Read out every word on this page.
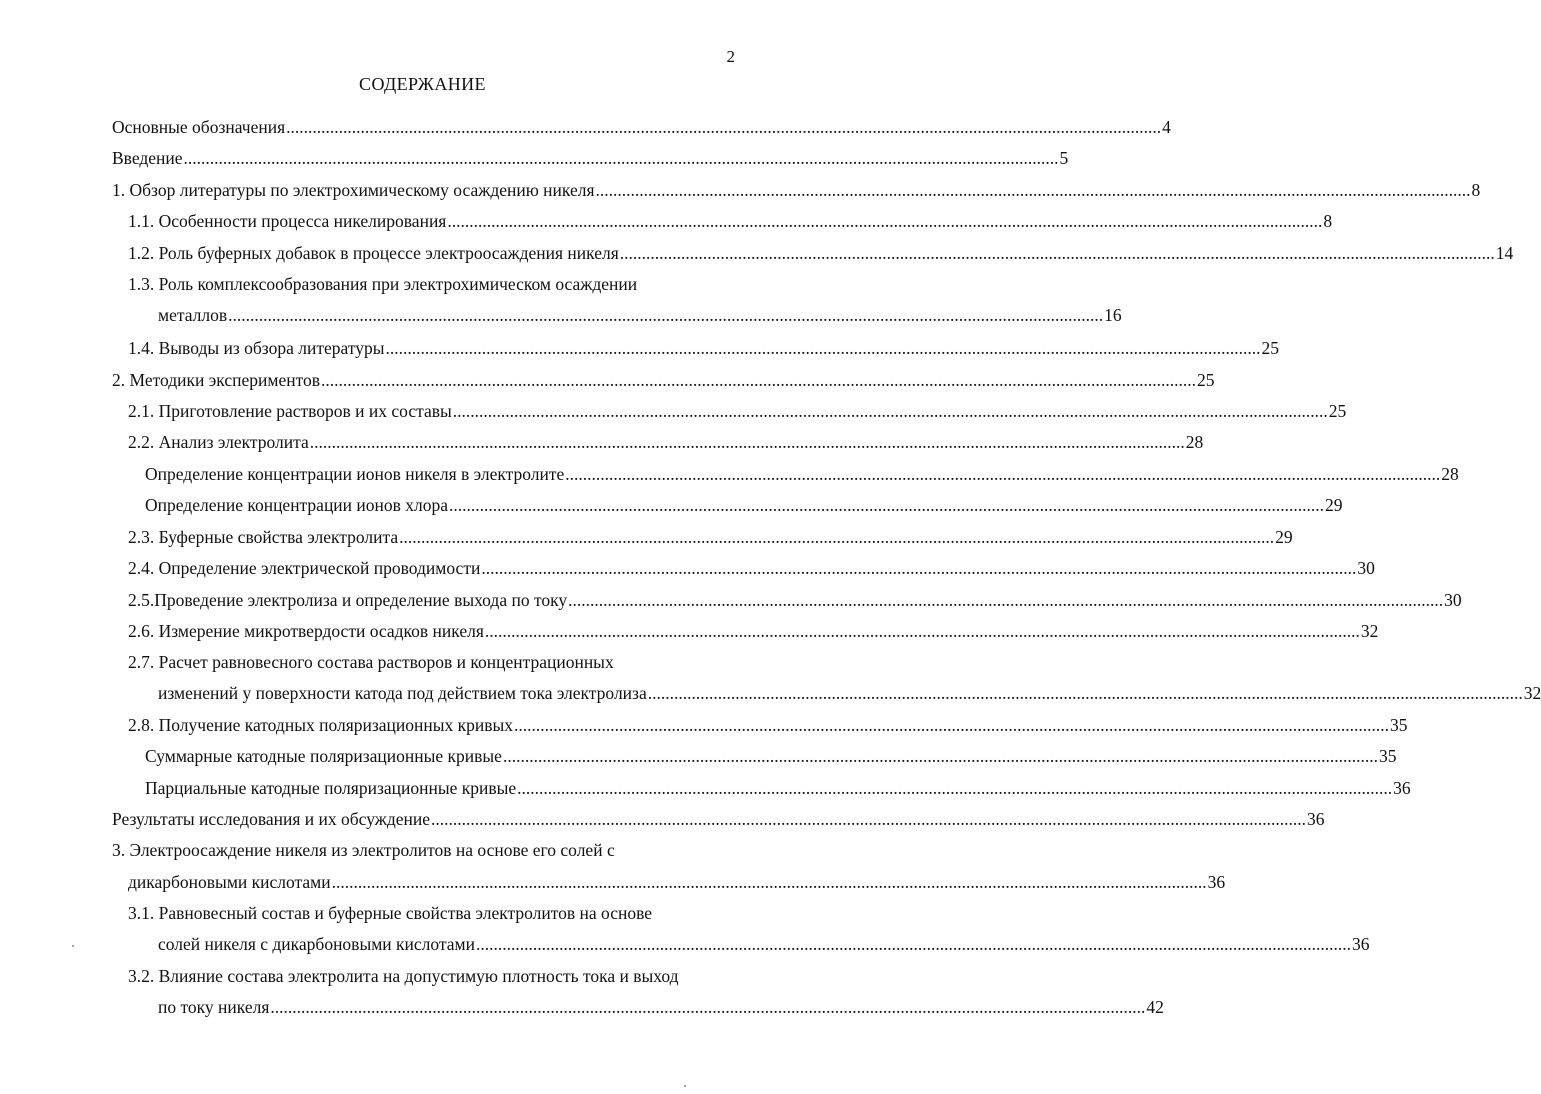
2
СОДЕРЖАНИЕ
Основные обозначения ........................................................................................................................................................................................................ 4
Введение ........................................................................................................................................................................................................ 5
1. Обзор литературы по электрохимическому осаждению никеля ........................................................................................................................................................................................................ 8
1.1. Особенности процесса никелирования ........................................................................................................................................................................................................ 8
1.2. Роль буферных добавок в процессе электроосаждения никеля ........................................................................................................................................................................................................ 14
1.3. Роль комплексообразования при электрохимическом осаждении
металлов ........................................................................................................................................................................................................ 16
1.4. Выводы из обзора литературы ........................................................................................................................................................................................................ 25
2. Методики экспериментов ........................................................................................................................................................................................................ 25
2.1. Приготовление растворов и их составы ........................................................................................................................................................................................................ 25
2.2. Анализ электролита ........................................................................................................................................................................................................ 28
Определение концентрации ионов никеля в электролите ........................................................................................................................................................................................................ 28
Определение концентрации ионов хлора ........................................................................................................................................................................................................ 29
2.3. Буферные свойства электролита ........................................................................................................................................................................................................ 29
2.4. Определение электрической проводимости ........................................................................................................................................................................................................ 30
2.5.Проведение электролиза и определение выхода по току ........................................................................................................................................................................................................ 30
2.6. Измерение микротвердости осадков никеля ........................................................................................................................................................................................................ 32
2.7. Расчет равновесного состава растворов и концентрационных
изменений у поверхности катода под действием тока электролиза ........................................................................................................................................................................................................ 32
2.8. Получение катодных поляризационных кривых ........................................................................................................................................................................................................ 35
Суммарные катодные поляризационные кривые ........................................................................................................................................................................................................ 35
Парциальные катодные поляризационные кривые ........................................................................................................................................................................................................ 36
Результаты исследования и их обсуждение ........................................................................................................................................................................................................ 36
3. Электроосаждение никеля из электролитов на основе его солей с
дикарбоновыми кислотами ........................................................................................................................................................................................................ 36
3.1. Равновесный состав и буферные свойства электролитов на основе
солей никеля с дикарбоновыми кислотами ........................................................................................................................................................................................................ 36
3.2. Влияние состава электролита на допустимую плотность тока и выход
по току никеля ........................................................................................................................................................................................................ 42
